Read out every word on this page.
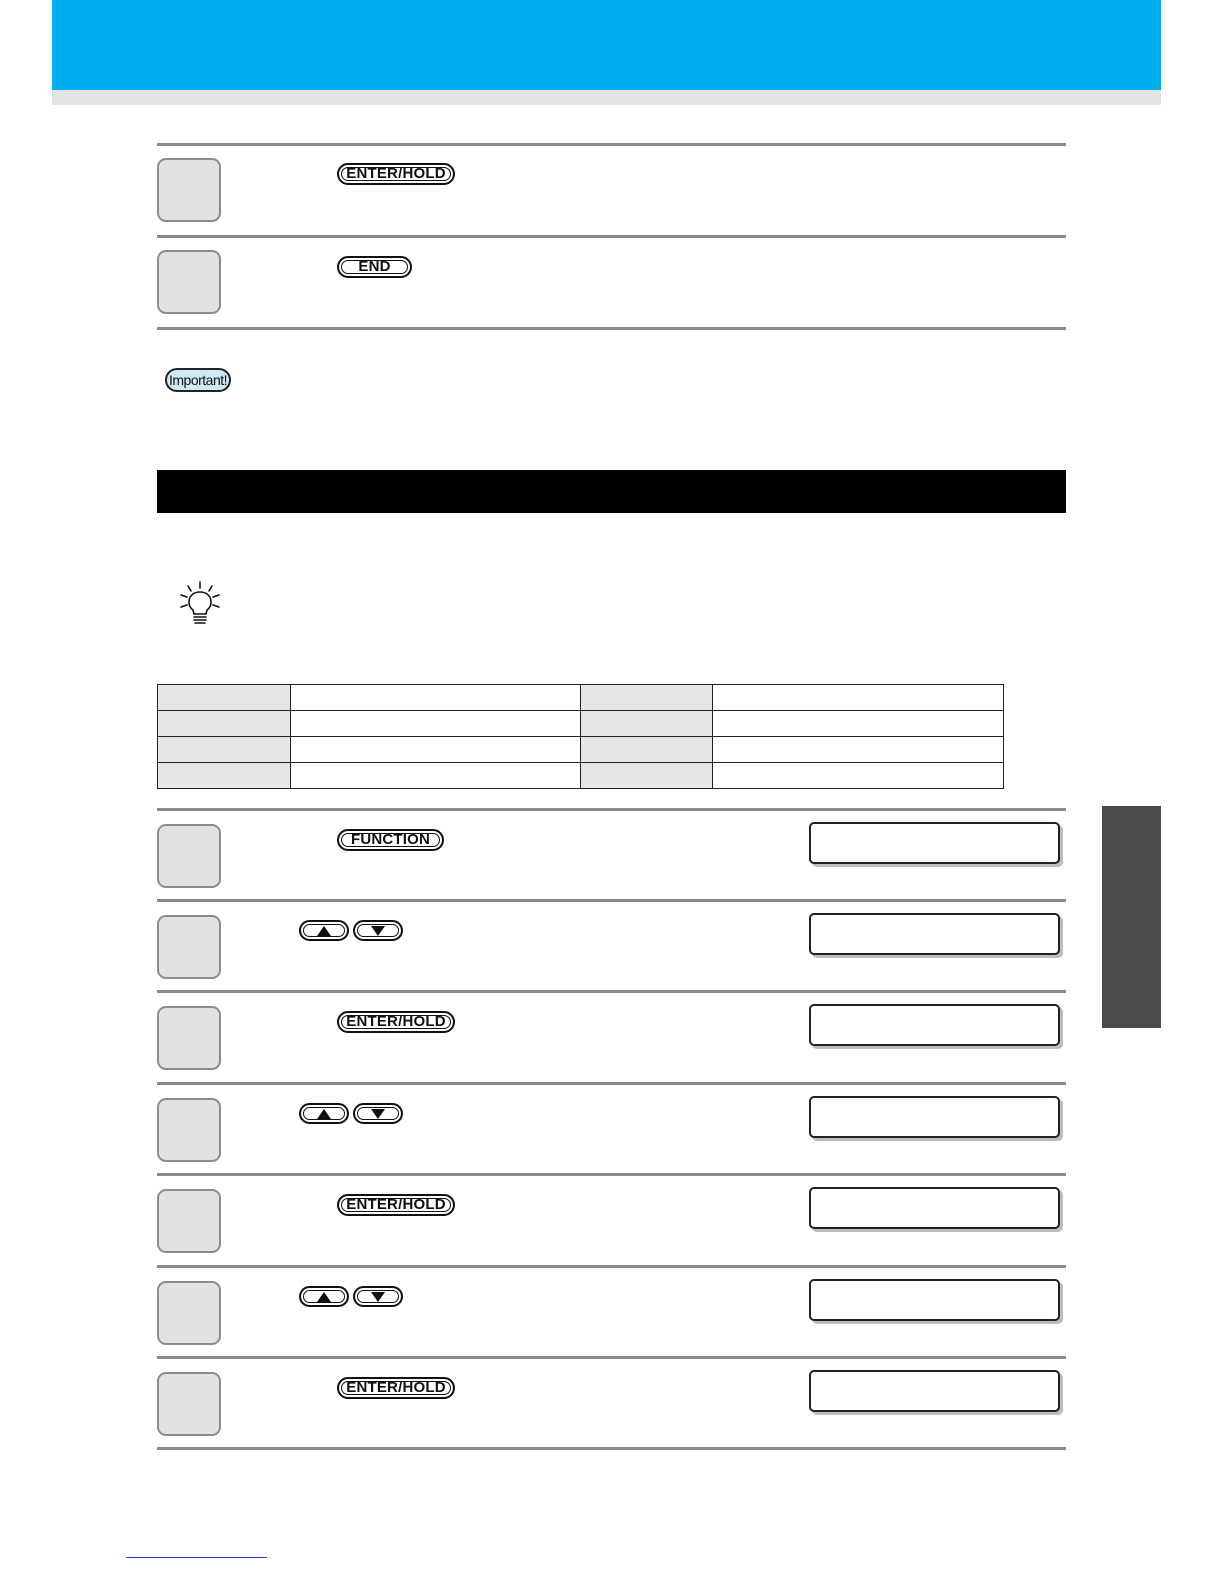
ENTER/HOLD
END
Important!

FUNCTION
ENTER/HOLD
ENTER/HOLD
ENTER/HOLD
